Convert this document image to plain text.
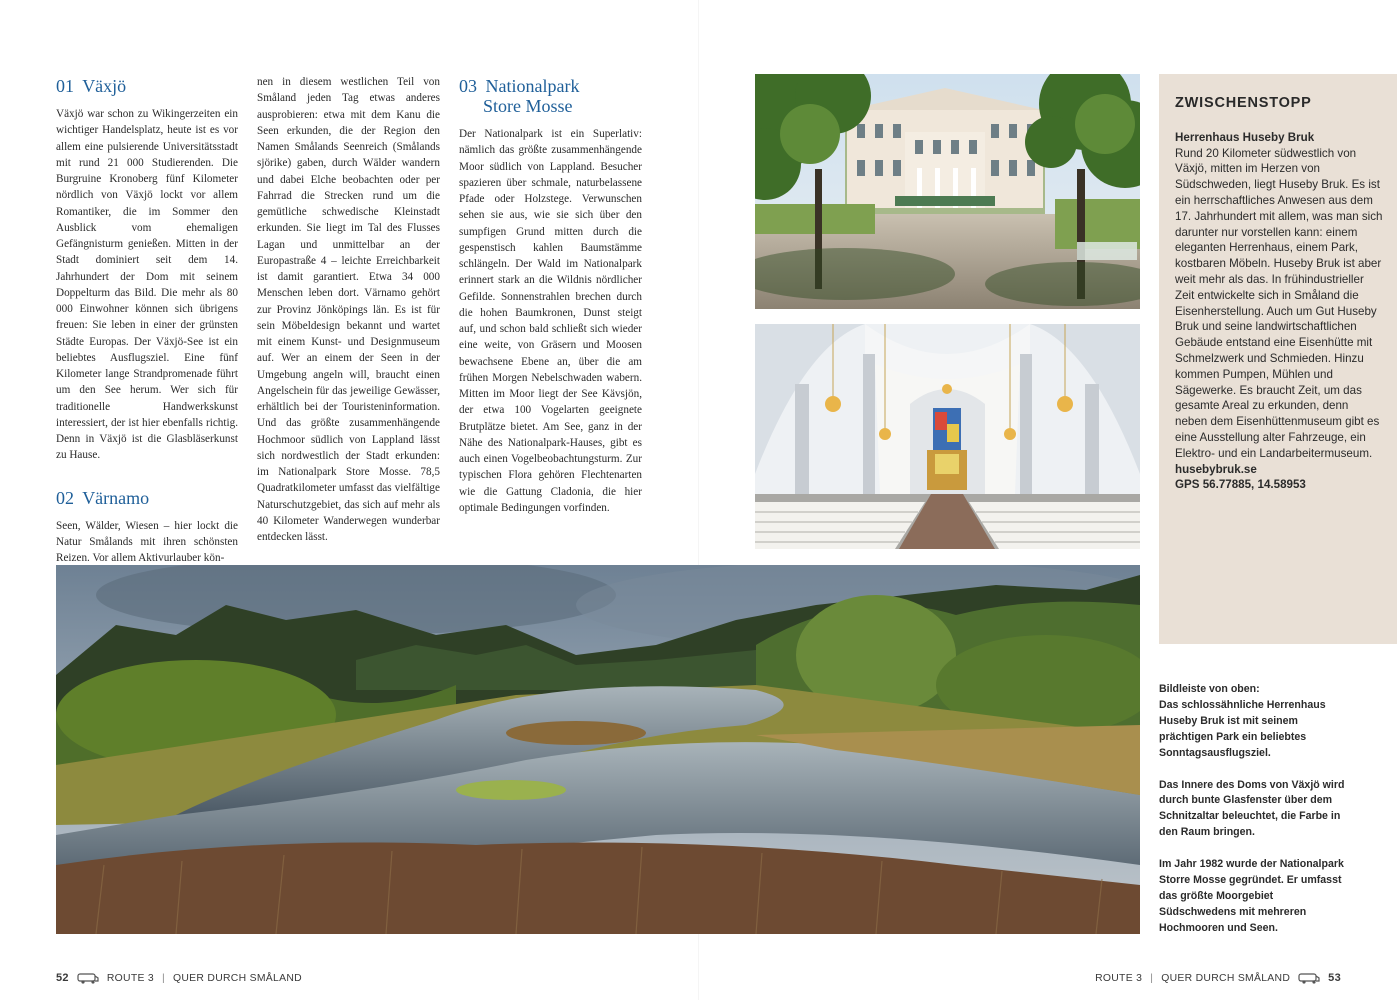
01 Växjö

Växjö war schon zu Wikingerzeiten ein wichtiger Handelsplatz, heute ist es vor allem eine pulsierende Universitätsstadt mit rund 21 000 Studierenden. Die Burgruine Kronoberg fünf Kilometer nördlich von Växjö lockt vor allem Romantiker, die im Sommer den Ausblick vom ehemaligen Gefängnisturm genießen. Mitten in der Stadt dominiert seit dem 14. Jahrhundert der Dom mit seinem Doppelturm das Bild. Die mehr als 80 000 Einwohner können sich übrigens freuen: Sie leben in einer der grünsten Städte Europas. Der Växjö-See ist ein beliebtes Ausflugsziel. Eine fünf Kilometer lange Strandpromenade führt um den See herum. Wer sich für traditionelle Handwerkskunst interessiert, der ist hier ebenfalls richtig. Denn in Växjö ist die Glasbläserkunst zu Hause.

02 Värnamo

Seen, Wälder, Wiesen – hier lockt die Natur Smålands mit ihren schönsten Reizen. Vor allem Aktivurlauber kön-

nen in diesem westlichen Teil von Småland jeden Tag etwas anderes ausprobieren: etwa mit dem Kanu die Seen erkunden, die der Region den Namen Smålands Seenreich (Smålands sjörike) gaben, durch Wälder wandern und dabei Elche beobachten oder per Fahrrad die Strecken rund um die gemütliche schwedische Kleinstadt erkunden. Sie liegt im Tal des Flusses Lagan und unmittelbar an der Europastraße 4 – leichte Erreichbarkeit ist damit garantiert. Etwa 34 000 Menschen leben dort. Värnamo gehört zur Provinz Jönköpings län. Es ist für sein Möbeldesign bekannt und wartet mit einem Kunst- und Designmuseum auf. Wer an einem der Seen in der Umgebung angeln will, braucht einen Angelschein für das jeweilige Gewässer, erhältlich bei der Touristeninformation. Und das größte zusammenhängende Hochmoor südlich von Lappland lässt sich nordwestlich der Stadt erkunden: im Nationalpark Store Mosse. 78,5 Quadratkilometer umfasst das vielfältige Naturschutzgebiet, das sich auf mehr als 40 Kilometer Wanderwegen wunderbar entdecken lässt.

03 Nationalpark
Store Mosse

Der Nationalpark ist ein Superlativ: nämlich das größte zusammenhängende Moor südlich von Lappland. Besucher spazieren über schmale, naturbelassene Pfade oder Holzstege. Verwunschen sehen sie aus, wie sie sich über den sumpfigen Grund mitten durch die gespenstisch kahlen Baumstämme schlängeln. Der Wald im Nationalpark erinnert stark an die Wildnis nördlicher Gefilde. Sonnenstrahlen brechen durch die hohen Baumkronen, Dunst steigt auf, und schon bald schließt sich wieder eine weite, von Gräsern und Moosen bewachsene Ebene an, über die am frühen Morgen Nebelschwaden wabern. Mitten im Moor liegt der See Kävsjön, der etwa 100 Vogelarten geeignete Brutplätze bietet. Am See, ganz in der Nähe des Nationalpark-Hauses, gibt es auch einen Vogelbeobachtungsturm. Zur typischen Flora gehören Flechtenarten wie die Gattung Cladonia, die hier optimale Bedingungen vorfinden.

ZWISCHENSTOPP
Herrenhaus Huseby Bruk
Rund 20 Kilometer südwestlich von Växjö, mitten im Herzen von Südschweden, liegt Huseby Bruk. Es ist ein herrschaftliches Anwesen aus dem 17. Jahrhundert mit allem, was man sich darunter nur vorstellen kann: einem eleganten Herrenhaus, einem Park, kostbaren Möbeln. Huseby Bruk ist aber weit mehr als das. In frühindustrieller Zeit entwickelte sich in Småland die Eisenherstellung. Auch um Gut Huseby Bruk und seine landwirtschaftlichen Gebäude entstand eine Eisenhütte mit Schmelzwerk und Schmieden. Hinzu kommen Pumpen, Mühlen und Sägewerke. Es braucht Zeit, um das gesamte Areal zu erkunden, denn neben dem Eisenhüttenmuseum gibt es eine Ausstellung alter Fahrzeuge, ein Elektro- und ein Landarbeitermuseum.
husebybruk.se
GPS 56.77885, 14.58953
Bildleiste von oben:

Das schlossähnliche Herrenhaus Huseby Bruk ist mit seinem prächtigen Park ein beliebtes Sonntagsausflugsziel.

Das Innere des Doms von Växjö wird durch bunte Glasfenster über dem Schnitzaltar beleuchtet, die Farbe in den Raum bringen.

Im Jahr 1982 wurde der Nationalpark Storre Mosse gegründet. Er umfasst das größte Moorgebiet Südschwedens mit mehreren Hochmooren und Seen.

52	ROUTE 3 | QUER DURCH SMÅLAND	ROUTE 3 | QUER DURCH SMÅLAND	53
